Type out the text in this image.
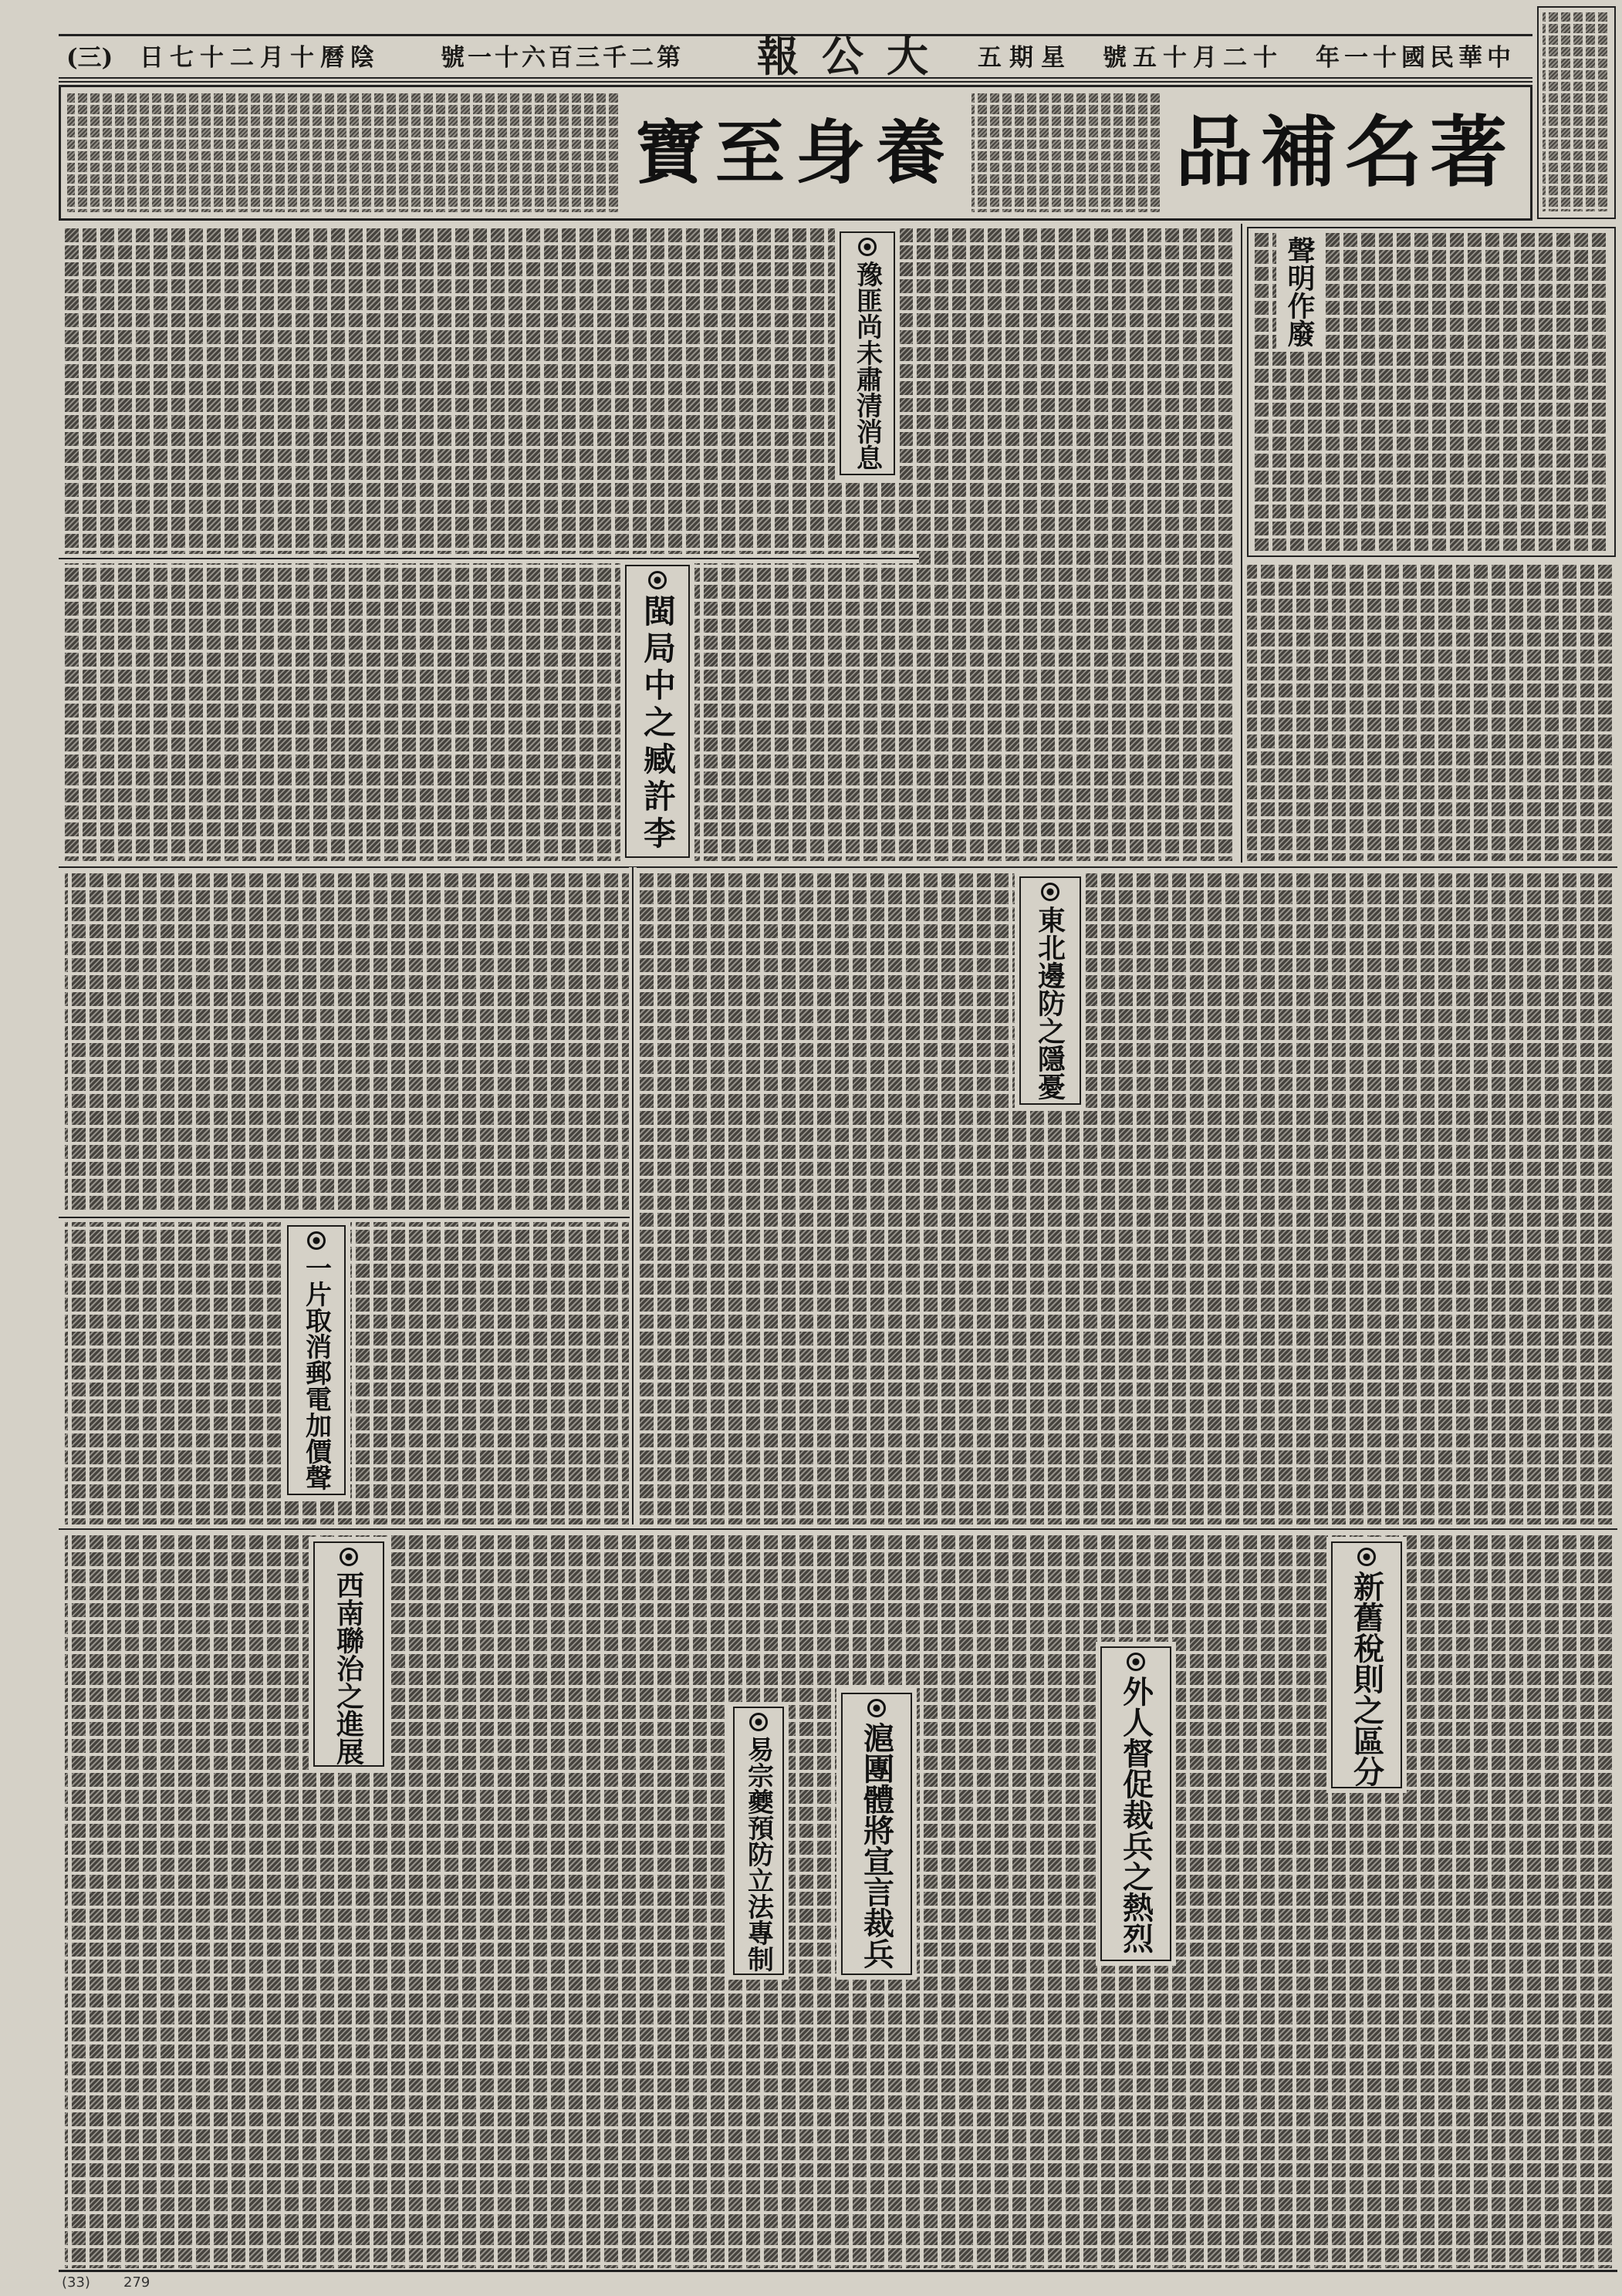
(三) 陰曆十月二十七日	第二千三百六十一號 大公報 星期五 十二月十五號 中華民國十一年
養身至寶	著名補品
聲明作廢
豫匪尚未肅清消息
閩局中之臧許李
東北邊防之隱憂
一片取消郵電加價聲
新舊稅則之區分
外人督促裁兵之熱烈
滬團體將宣言裁兵
易宗夔預防立法專制
西南聯治之進展
(33) 279
